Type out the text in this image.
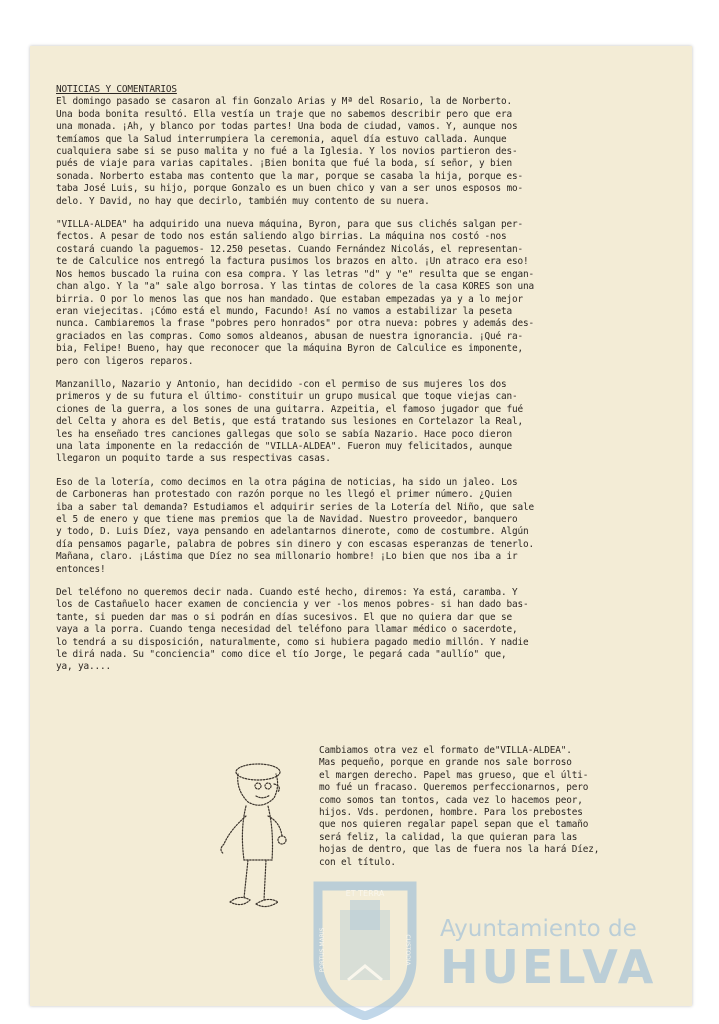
NOTICIAS Y COMENTARIOS

El domingo pasado se casaron al fin Gonzalo Arias y Mª del Rosario, la de Norberto.
Una boda bonita resultó. Ella vestía un traje que no sabemos describir pero que era
una monada. ¡Ah, y blanco por todas partes! Una boda de ciudad, vamos. Y, aunque nos
temíamos que la Salud interrumpiera la ceremonia, aquel día estuvo callada. Aunque
cualquiera sabe si se puso malita y no fué a la Iglesia. Y los novios partieron des-
pués de viaje para varias capitales. ¡Bien bonita que fué la boda, sí señor, y bien
sonada. Norberto estaba mas contento que la mar, porque se casaba la hija, porque es-
taba José Luis, su hijo, porque Gonzalo es un buen chico y van a ser unos esposos mo-
delo. Y David, no hay que decirlo, también muy contento de su nuera.
"VILLA-ALDEA" ha adquirido una nueva máquina, Byron, para que sus clichés salgan per-
fectos. A pesar de todo nos están saliendo algo birrias. La máquina nos costó -nos
costará cuando la paguemos- 12.250 pesetas. Cuando Fernández Nicolás, el representan-
te de Calculice nos entregó la factura pusimos los brazos en alto. ¡Un atraco era eso!
Nos hemos buscado la ruina con esa compra. Y las letras "d" y "e" resulta que se engan-
chan algo. Y la "a" sale algo borrosa. Y las tintas de colores de la casa KORES son una
birria. O por lo menos las que nos han mandado. Que estaban empezadas ya y a lo mejor
eran viejecitas. ¡Cómo está el mundo, Facundo! Así no vamos a estabilizar la peseta
nunca. Cambiaremos la frase "pobres pero honrados" por otra nueva: pobres y además des-
graciados en las compras. Como somos aldeanos, abusan de nuestra ignorancia. ¡Qué ra-
bia, Felipe! Bueno, hay que reconocer que la máquina Byron de Calculice es imponente,
pero con ligeros reparos.
Manzanillo, Nazario y Antonio, han decidido -con el permiso de sus mujeres los dos
primeros y de su futura el último- constituir un grupo musical que toque viejas can-
ciones de la guerra, a los sones de una guitarra. Azpeitia, el famoso jugador que fué
del Celta y ahora es del Betis, que está tratando sus lesiones en Cortelazor la Real,
les ha enseñado tres canciones gallegas que solo se sabía Nazario. Hace poco dieron
una lata imponente en la redacción de "VILLA-ALDEA". Fueron muy felicitados, aunque
llegaron un poquito tarde a sus respectivas casas.
Eso de la lotería, como decimos en la otra página de noticias, ha sido un jaleo. Los
de Carboneras han protestado con razón porque no les llegó el primer número. ¿Quien
iba a saber tal demanda? Estudiamos el adquirir series de la Lotería del Niño, que sale
el 5 de enero y que tiene mas premios que la de Navidad. Nuestro proveedor, banquero
y todo, D. Luis Díez, vaya pensando en adelantarnos dinerote, como de costumbre. Algún
día pensamos pagarle, palabra de pobres sin dinero y con escasas esperanzas de tenerlo.
Mañana, claro. ¡Lástima que Díez no sea millonario hombre! ¡Lo bien que nos iba a ir
entonces!
Del teléfono no queremos decir nada. Cuando esté hecho, diremos: Ya está, caramba. Y
los de Castañuelo hacer examen de conciencia y ver -los menos pobres- si han dado bas-
tante, si pueden dar mas o si podrán en días sucesivos. El que no quiera dar que se
vaya a la porra. Cuando tenga necesidad del teléfono para llamar médico o sacerdote,
lo tendrá a su disposición, naturalmente, como si hubiera pagado medio millón. Y nadie
le dirá nada. Su "conciencia" como dice el tío Jorge, le pegará cada "aullío" que,
ya, ya....
Cambiamos otra vez el formato de"VILLA-ALDEA".
Mas pequeño, porque en grande nos sale borroso
el margen derecho. Papel mas grueso, que el últi-
mo fué un fracaso. Queremos perfeccionarnos, pero
como somos tan tontos, cada vez lo hacemos peor,
hijos. Vds. perdonen, hombre. Para los prebostes
que nos quieren regalar papel sepan que el tamaño
será feliz, la calidad, la que quieran para las
hojas de dentro, que las de fuera nos la hará Díez,
con el título.
ET TERRA
PORTUS MARIS	CUSTODIA
Ayuntamiento de
HUELVA
